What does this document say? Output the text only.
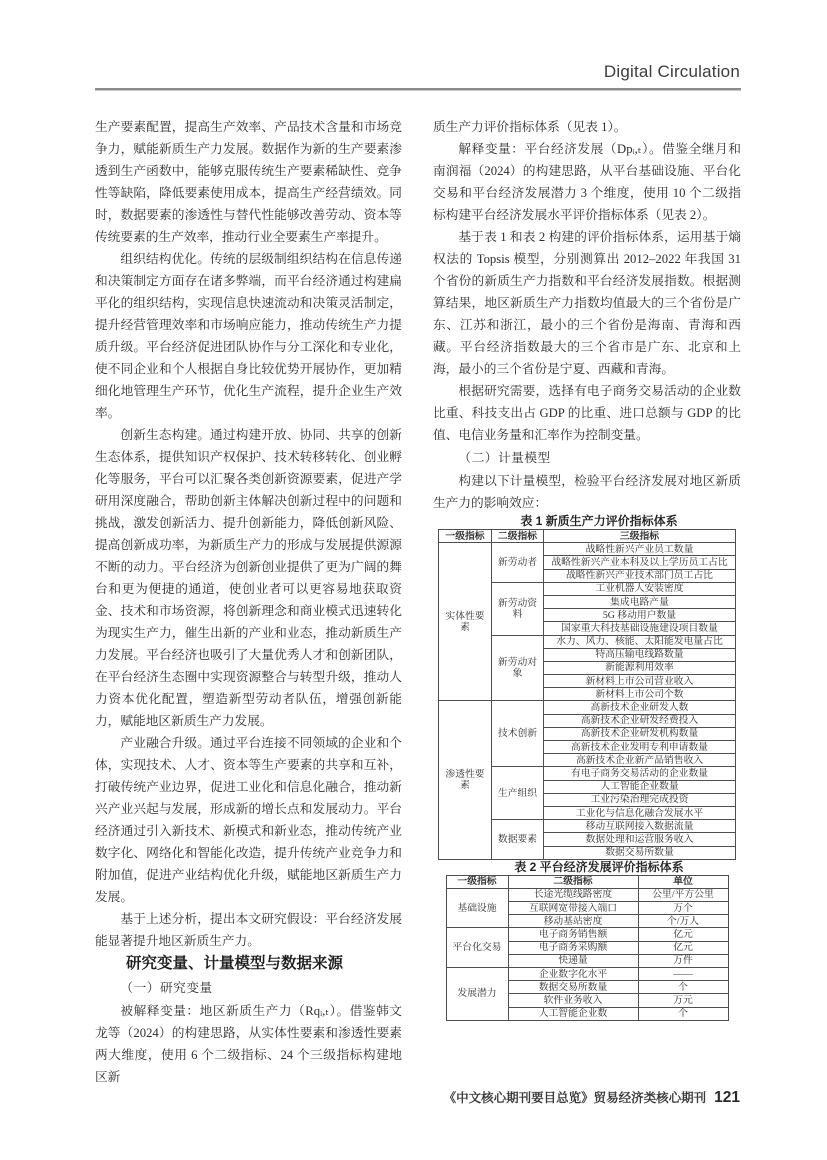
Digital Circulation

生产要素配置，提高生产效率、产品技术含量和市场竞争力，赋能新质生产力发展。数据作为新的生产要素渗透到生产函数中，能够克服传统生产要素稀缺性、竞争性等缺陷，降低要素使用成本，提高生产经营绩效。同时，数据要素的渗透性与替代性能够改善劳动、资本等传统要素的生产效率，推动行业全要素生产率提升。

组织结构优化。传统的层级制组织结构在信息传递和决策制定方面存在诸多弊端，而平台经济通过构建扁平化的组织结构，实现信息快速流动和决策灵活制定，提升经营管理效率和市场响应能力，推动传统生产力提质升级。平台经济促进团队协作与分工深化和专业化，使不同企业和个人根据自身比较优势开展协作，更加精细化地管理生产环节，优化生产流程，提升企业生产效率。

创新生态构建。通过构建开放、协同、共享的创新生态体系，提供知识产权保护、技术转移转化、创业孵化等服务，平台可以汇聚各类创新资源要素，促进产学研用深度融合，帮助创新主体解决创新过程中的问题和挑战，激发创新活力、提升创新能力，降低创新风险、提高创新成功率，为新质生产力的形成与发展提供源源不断的动力。平台经济为创新创业提供了更为广阔的舞台和更为便捷的通道，使创业者可以更容易地获取资金、技术和市场资源，将创新理念和商业模式迅速转化为现实生产力，催生出新的产业和业态，推动新质生产力发展。平台经济也吸引了大量优秀人才和创新团队，在平台经济生态圈中实现资源整合与转型升级，推动人力资本优化配置，塑造新型劳动者队伍，增强创新能力，赋能地区新质生产力发展。

产业融合升级。通过平台连接不同领域的企业和个体，实现技术、人才、资本等生产要素的共享和互补，打破传统产业边界，促进工业化和信息化融合，推动新兴产业兴起与发展，形成新的增长点和发展动力。平台经济通过引入新技术、新模式和新业态，推动传统产业数字化、网络化和智能化改造，提升传统产业竞争力和附加值，促进产业结构优化升级，赋能地区新质生产力发展。

基于上述分析，提出本文研究假设：平台经济发展能显著提升地区新质生产力。

研究变量、计量模型与数据来源

（一）研究变量

被解释变量：地区新质生产力（Rqᵢ,ₜ）。借鉴韩文龙等（2024）的构建思路，从实体性要素和渗透性要素两大维度，使用 6 个二级指标、24 个三级指标构建地区新

质生产力评价指标体系（见表 1）。

解释变量：平台经济发展（Dpᵢ,ₜ）。借鉴全继月和南润福（2024）的构建思路，从平台基础设施、平台化交易和平台经济发展潜力 3 个维度，使用 10 个二级指标构建平台经济发展水平评价指标体系（见表 2）。

基于表 1 和表 2 构建的评价指标体系，运用基于熵权法的 Topsis 模型，分别测算出 2012–2022 年我国 31 个省份的新质生产力指数和平台经济发展指数。根据测算结果，地区新质生产力指数均值最大的三个省份是广东、江苏和浙江，最小的三个省份是海南、青海和西藏。平台经济指数最大的三个省市是广东、北京和上海，最小的三个省份是宁夏、西藏和青海。

根据研究需要，选择有电子商务交易活动的企业数比重、科技支出占 GDP 的比重、进口总额与 GDP 的比值、电信业务量和汇率作为控制变量。

（二）计量模型

构建以下计量模型，检验平台经济发展对地区新质生产力的影响效应：

表 1 新质生产力评价指标体系

一级指标	二级指标	三级指标
实体性要素	新劳动者	战略性新兴产业员工数量
		战略性新兴产业本科及以上学历员工占比
		战略性新兴产业技术部门员工占比
	新劳动资料	工业机器人安装密度
		集成电路产量
		5G 移动用户数量
		国家重大科技基础设施建设项目数量
	新劳动对象	水力、风力、核能、太阳能发电量占比
		特高压输电线路数量
		新能源利用效率
		新材料上市公司营业收入
		新材料上市公司个数
渗透性要素	技术创新	高新技术企业研发人数
		高新技术企业研发经费投入
		高新技术企业研发机构数量
		高新技术企业发明专利申请数量
		高新技术企业新产品销售收入
	生产组织	有电子商务交易活动的企业数量
		人工智能企业数量
		工业污染治理完成投资
		工业化与信息化融合发展水平
	数据要素	移动互联网接入数据流量
		数据处理和运营服务收入
		数据交易所数量

表 2 平台经济发展评价指标体系

一级指标	二级指标	单位
基础设施	长途光缆线路密度	公里/平方公里
	互联网宽带接入端口	万个
	移动基站密度	个/万人
平台化交易	电子商务销售额	亿元
	电子商务采购额	亿元
	快递量	万件
发展潜力	企业数字化水平	——
	数据交易所数量	个
	软件业务收入	万元
	人工智能企业数	个
《中文核心期刊要目总览》贸易经济类核心期刊 121
